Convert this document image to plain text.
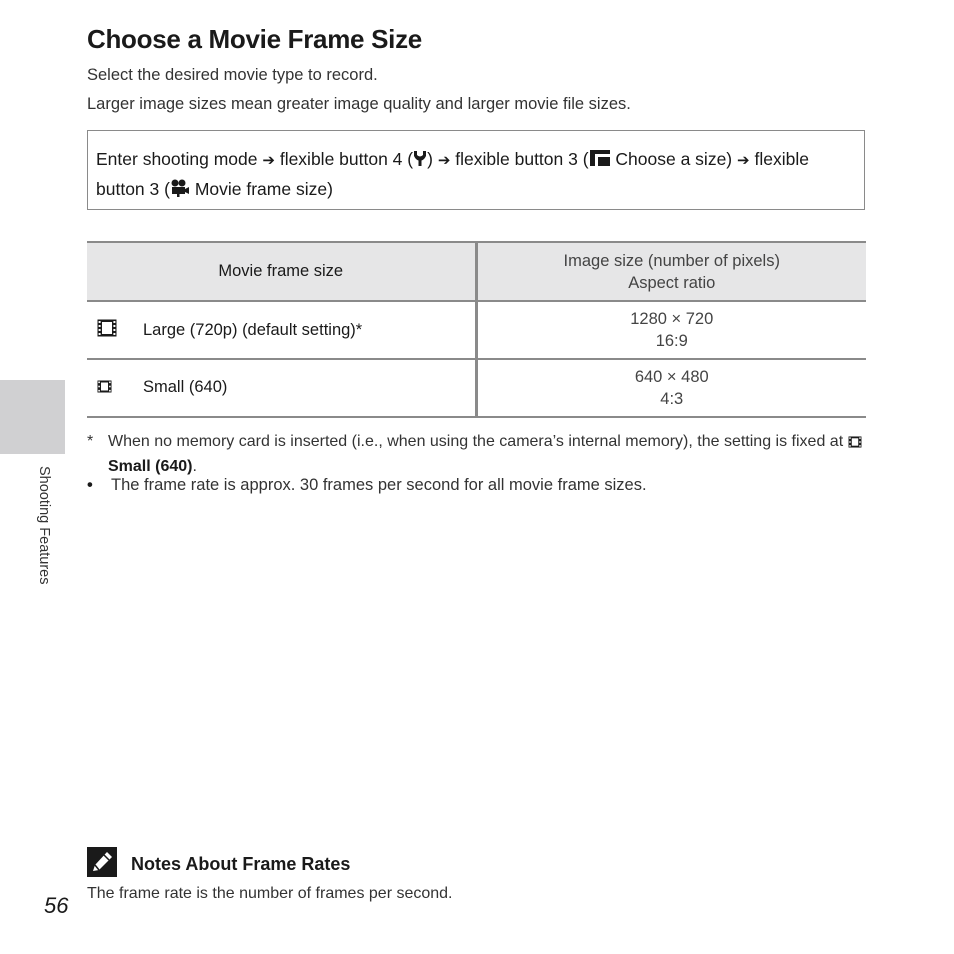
Choose a Movie Frame Size
Select the desired movie type to record.
Larger image sizes mean greater image quality and larger movie file sizes.
Enter shooting mode ➔ flexible button 4 ( ) ➔ flexible button 3 ( Choose a size) ➔ flexible button 3 ( Movie frame size)
Movie frame size	Image size (number of pixels)
Aspect ratio

Large (720p) (default setting)*	1280 × 720
16:9

Small (640)	640 × 480
4:3
* When no memory card is inserted (i.e., when using the camera’s internal memory), the setting is fixed at  Small (640).
• The frame rate is approx. 30 frames per second for all movie frame sizes.
Shooting Features
Notes About Frame Rates
The frame rate is the number of frames per second.
56
